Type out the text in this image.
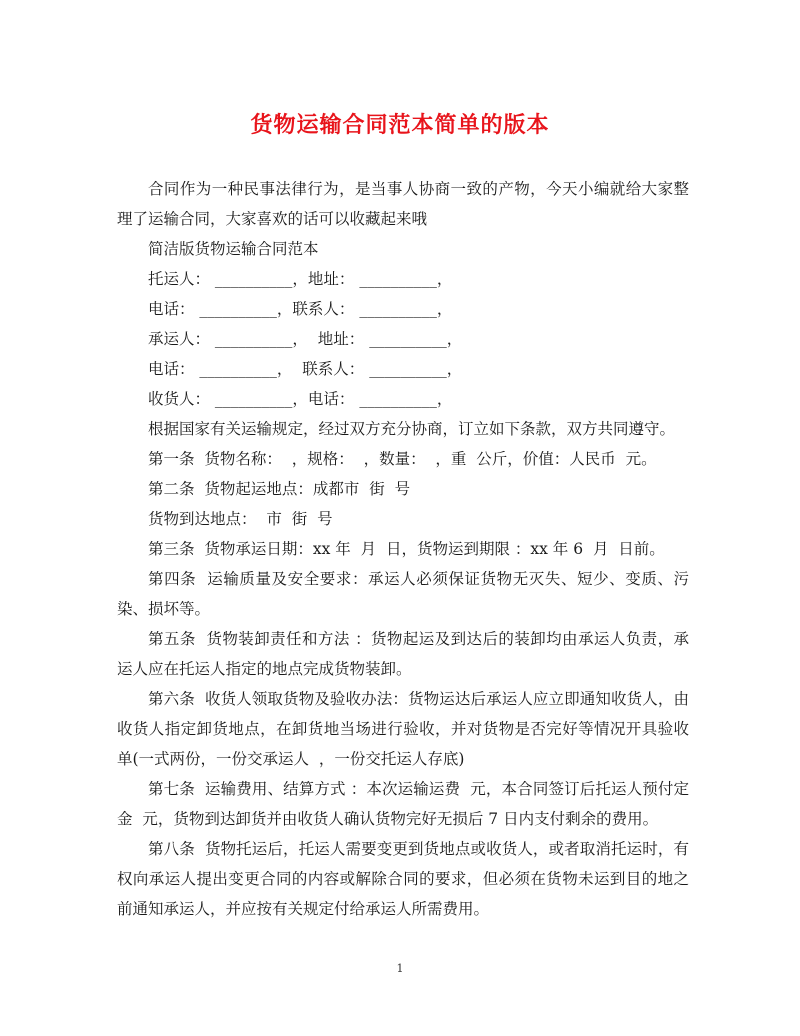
货物运输合同范本简单的版本

合同作为一种民事法律行为，是当事人协商一致的产物，今天小编就给大家整理了运输合同，大家喜欢的话可以收藏起来哦

简洁版货物运输合同范本

托运人： __________，地址： __________，

电话： __________，联系人： __________，

承运人： __________，  地址： __________，

电话： __________，  联系人： __________，

收货人： __________，电话： __________，

根据国家有关运输规定，经过双方充分协商，订立如下条款，双方共同遵守。

第一条  货物名称：  ，规格：  ，数量：  ，重  公斤，价值：人民币  元。

第二条  货物起运地点：成都市  街  号

货物到达地点：  市  街  号

第三条  货物承运日期：xx 年  月  日，货物运到期限 ：xx 年 6  月  日前。

第四条  运输质量及安全要求：承运人必须保证货物无灭失、短少、变质、污染、损坏等。

第五条  货物装卸责任和方法 ：货物起运及到达后的装卸均由承运人负责，承运人应在托运人指定的地点完成货物装卸。

第六条  收货人领取货物及验收办法：货物运达后承运人应立即通知收货人，由收货人指定卸货地点，在卸货地当场进行验收，并对货物是否完好等情况开具验收单(一式两份，一份交承运人  ，一份交托运人存底)

第七条  运输费用、结算方式 ：本次运输运费  元，本合同签订后托运人预付定金  元，货物到达卸货并由收货人确认货物完好无损后 7 日内支付剩余的费用。

第八条  货物托运后，托运人需要变更到货地点或收货人，或者取消托运时，有权向承运人提出变更合同的内容或解除合同的要求，但必须在货物未运到目的地之前通知承运人，并应按有关规定付给承运人所需费用。

1
